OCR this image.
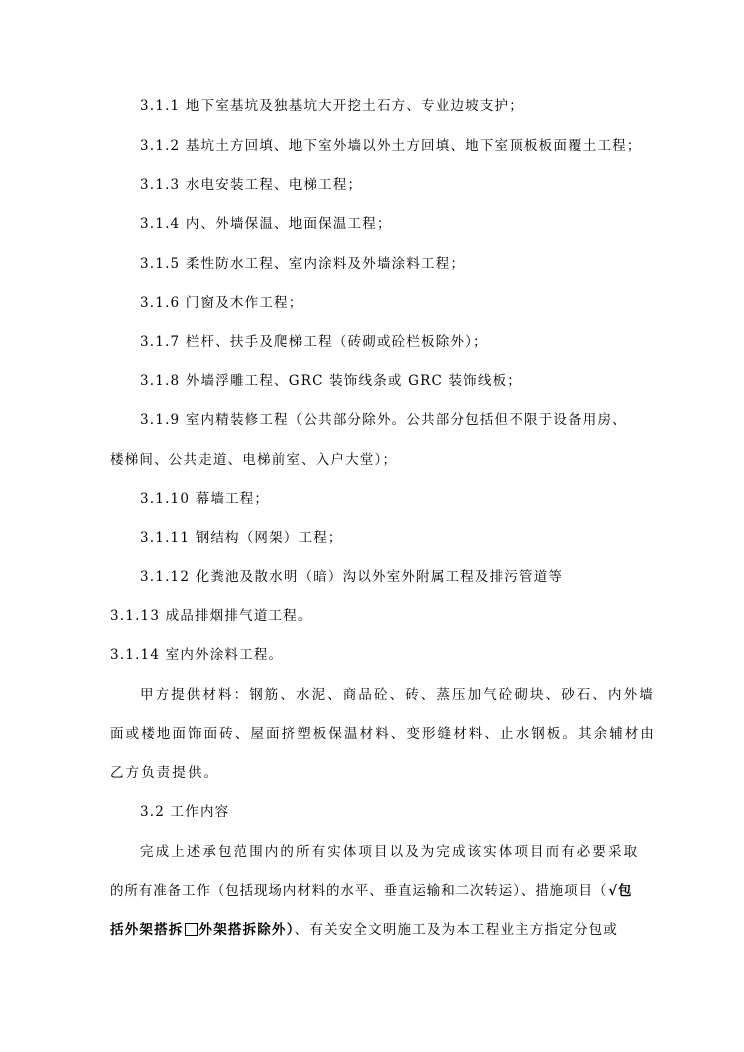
3.1.1 地下室基坑及独基坑大开挖土石方、专业边坡支护；
3.1.2 基坑土方回填、地下室外墙以外土方回填、地下室顶板板面覆土工程；
3.1.3 水电安装工程、电梯工程；
3.1.4 内、外墙保温、地面保温工程；
3.1.5 柔性防水工程、室内涂料及外墙涂料工程；
3.1.6 门窗及木作工程；
3.1.7 栏杆、扶手及爬梯工程（砖砌或砼栏板除外）；
3.1.8 外墙浮雕工程、GRC 装饰线条或 GRC 装饰线板；
3.1.9 室内精装修工程（公共部分除外。公共部分包括但不限于设备用房、
楼梯间、公共走道、电梯前室、入户大堂）；
3.1.10 幕墙工程；
3.1.11 钢结构（网架）工程；
3.1.12 化粪池及散水明（暗）沟以外室外附属工程及排污管道等
3.1.13 成品排烟排气道工程。
3.1.14 室内外涂料工程。
甲方提供材料：钢筋、水泥、商品砼、砖、蒸压加气砼砌块、砂石、内外墙
面或楼地面饰面砖、屋面挤塑板保温材料、变形缝材料、止水钢板。其余辅材由
乙方负责提供。
3.2 工作内容
完成上述承包范围内的所有实体项目以及为完成该实体项目而有必要采取
的所有准备工作（包括现场内材料的水平、垂直运输和二次转运）、措施项目（√包
括外架搭拆 外架搭拆除外）、有关安全文明施工及为本工程业主方指定分包或
